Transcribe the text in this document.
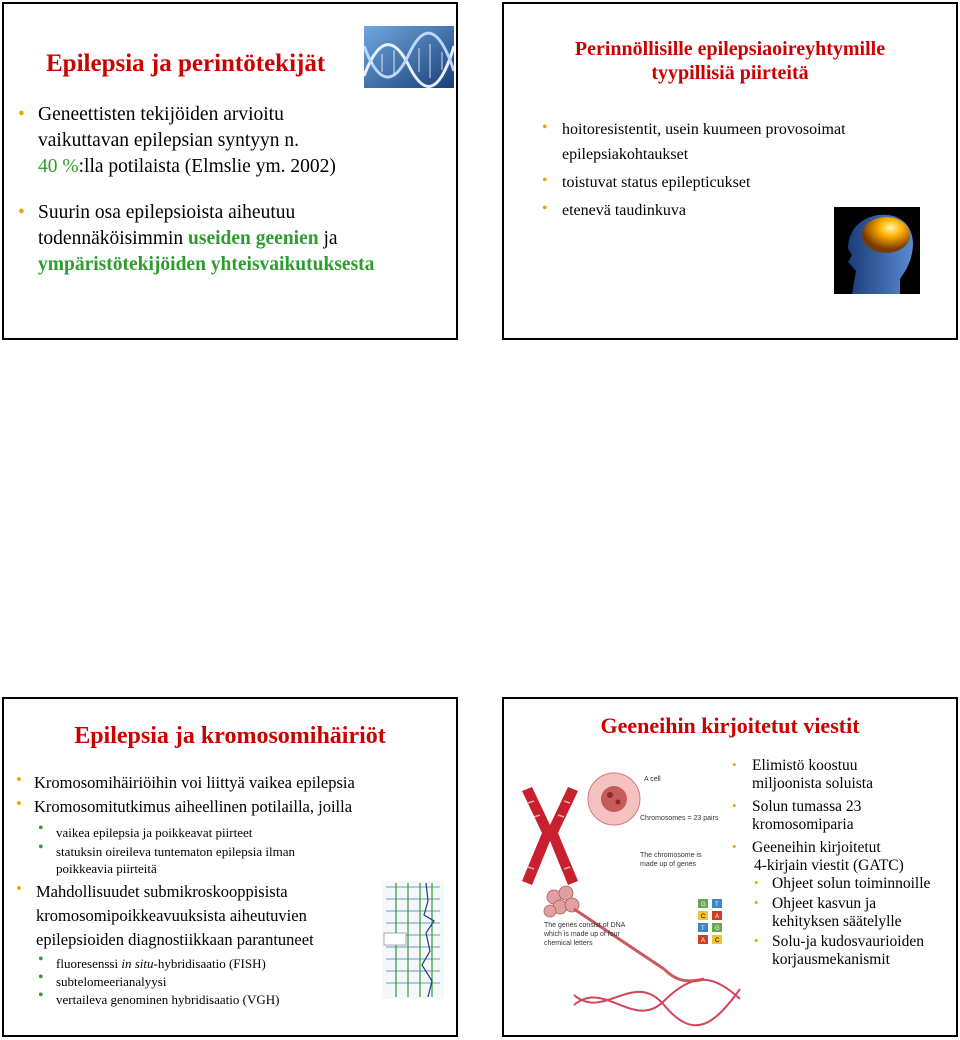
Epilepsia ja perintötekijät
• Geneettisten tekijöiden arvioitu
vaikuttavan epilepsian syntyyn n.
40 %:lla potilaista (Elmslie ym. 2002)
• Suurin osa epilepsioista aiheutuu
todennäköisimmin useiden geenien ja
ympäristötekijöiden yhteisvaikutuksesta
Perinnöllisille epilepsiaoireyhtymille
tyypillisiä piirteitä
• hoitoresistentit, usein kuumeen provosoimat
epilepsiakohtaukset
• toistuvat status epilepticukset
• etenevä taudinkuva
Epilepsia ja kromosomihäiriöt
• Kromosomihäiriöihin voi liittyä vaikea epilepsia
• Kromosomitutkimus aiheellinen potilailla, joilla
• vaikea epilepsia ja poikkeavat piirteet
• statuksin oireileva tuntematon epilepsia ilman
poikkeavia piirteitä
• Mahdollisuudet submikroskooppisista
kromosomipoikkeavuuksista aiheutuvien
epilepsioiden diagnostiikkaan parantuneet
• fluoresenssi in situ-hybridisaatio (FISH)
• subtelomeerianalyysi
• vertaileva genominen hybridisaatio (VGH)
Geeneihin kirjoitetut viestit
A cell
Chromosomes = 23 pairs
The chromosome is
made up of genes
The genes consist of DNA
which is made up of four
chemical letters
G T
C A
T G
A C
• Elimistö koostuu
miljoonista soluista
• Solun tumassa 23
kromosomiparia
• Geeneihin kirjoitetut
4-kirjain viestit (GATC)
• Ohjeet solun toiminnoille
• Ohjeet kasvun ja
kehityksen säätelylle
• Solu-ja kudosvaurioiden
korjausmekanismit
